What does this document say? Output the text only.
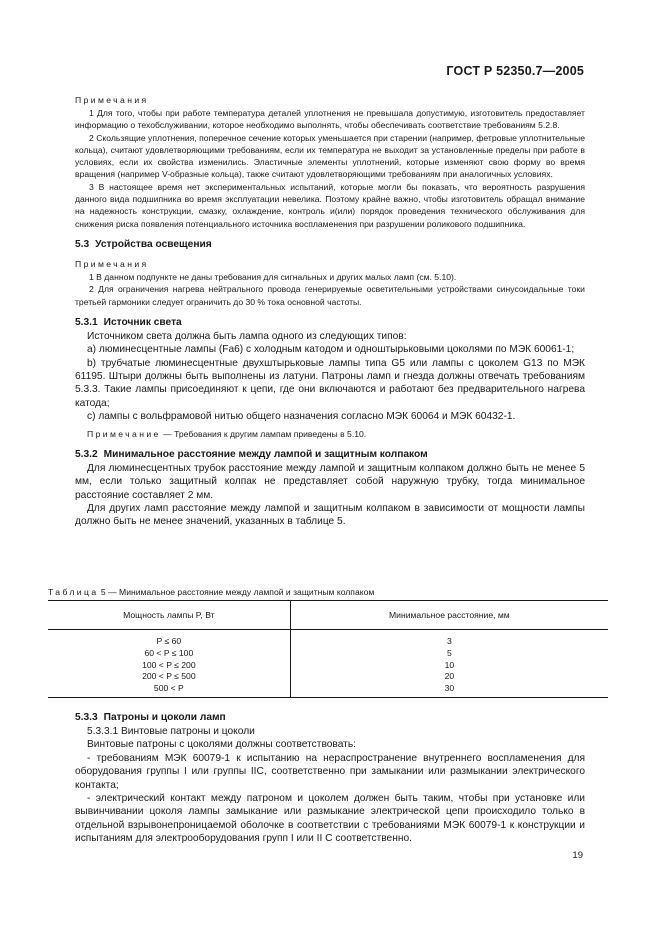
ГОСТ Р 52350.7—2005

Примечания

1 Для того, чтобы при работе температура деталей уплотнения не превышала допустимую, изготовитель предоставляет информацию о техобслуживании, которое необходимо выполнять, чтобы обеспечивать соответствие требованиям 5.2.8.

2 Скользящие уплотнения, поперечное сечение которых уменьшается при старении (например, фетровые уплотнительные кольца), считают удовлетворяющими требованиям, если их температура не выходит за установленные пределы при работе в условиях, если их свойства изменились. Эластичные элементы уплотнений, которые изменяют свою форму во время вращения (например V-образные кольца), также считают удовлетворяющими требованиям при аналогичных условиях.

3 В настоящее время нет экспериментальных испытаний, которые могли бы показать, что вероятность разрушения данного вида подшипника во время эксплуатации невелика. Поэтому крайне важно, чтобы изготовитель обращал внимание на надежность конструкции, смазку, охлаждение, контроль и(или) порядок проведения технического обслуживания для снижения риска появления потенциального источника воспламенения при разрушении роликового подшипника.

5.3 Устройства освещения

Примечания

1 В данном подпункте не даны требования для сигнальных и других малых ламп (см. 5.10).

2 Для ограничения нагрева нейтрального провода генерируемые осветительными устройствами синусоидальные токи третьей гармоники следует ограничить до 30 % тока основной частоты.

5.3.1 Источник света

Источником света должна быть лампа одного из следующих типов:

а) люминесцентные лампы (Fa6) с холодным катодом и одноштырьковыми цоколями по МЭК 60061-1;

b) трубчатые люминесцентные двухштырьковые лампы типа G5 или лампы с цоколем G13 по МЭК 61195. Штыри должны быть выполнены из латуни. Патроны ламп и гнезда должны отвечать требованиям 5.3.3. Такие лампы присоединяют к цепи, где они включаются и работают без предварительного нагрева катода;

с) лампы с вольфрамовой нитью общего назначения согласно МЭК 60064 и МЭК 60432-1.

Примечание — Требования к другим лампам приведены в 5.10.

5.3.2 Минимальное расстояние между лампой и защитным колпаком

Для люминесцентных трубок расстояние между лампой и защитным колпаком должно быть не менее 5 мм, если только защитный колпак не представляет собой наружную трубку, тогда минимальное расстояние составляет 2 мм.

Для других ламп расстояние между лампой и защитным колпаком в зависимости от мощности лампы должно быть не менее значений, указанных в таблице 5.

Таблица 5 — Минимальное расстояние между лампой и защитным колпаком
Мощность лампы P, Вт	Минимальное расстояние, мм
P ≤ 60	3
60 < P ≤ 100	5
100 < P ≤ 200	10
200 < P ≤ 500	20
500 < P	30

5.3.3 Патроны и цоколи ламп

5.3.3.1 Винтовые патроны и цоколи

Винтовые патроны с цоколями должны соответствовать:

- требованиям МЭК 60079-1 к испытанию на нераспространение внутреннего воспламенения для оборудования группы I или группы IIC, соответственно при замыкании или размыкании электрического контакта;

- электрический контакт между патроном и цоколем должен быть таким, чтобы при установке или вывинчивании цоколя лампы замыкание или размыкание электрической цепи происходило только в отдельной взрывонепроницаемой оболочке в соответствии с требованиями МЭК 60079-1 к конструкции и испытаниям для электрооборудования групп I или II C соответственно.

19
